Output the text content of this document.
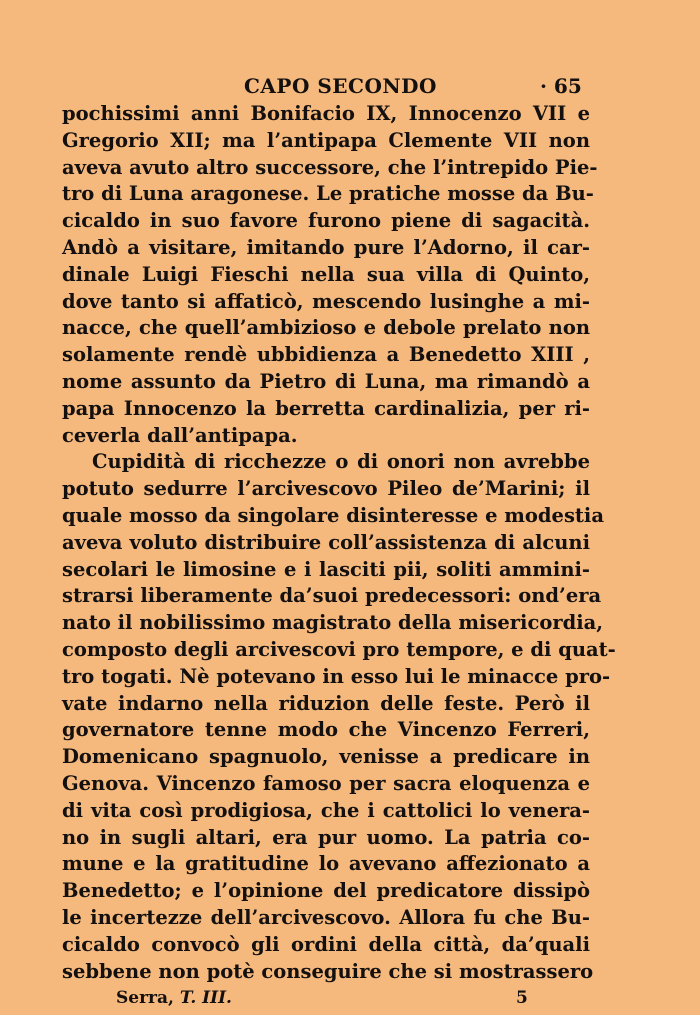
CAPO SECONDO	· 65
pochissimi anni Bonifacio IX, Innocenzo VII e
Gregorio XII; ma l’antipapa Clemente VII non
aveva avuto altro successore, che l’intrepido Pie-
tro di Luna aragonese. Le pratiche mosse da Bu-
cicaldo in suo favore furono piene di sagacità.
Andò a visitare, imitando pure l’Adorno, il car-
dinale Luigi Fieschi nella sua villa di Quinto,
dove tanto si affaticò, mescendo lusinghe a mi-
nacce, che quell’ambizioso e debole prelato non
solamente rendè ubbidienza a Benedetto XIII ,
nome assunto da Pietro di Luna, ma rimandò a
papa Innocenzo la berretta cardinalizia, per ri-
ceverla dall’antipapa.
Cupidità di ricchezze o di onori non avrebbe
potuto sedurre l’arcivescovo Pileo de’Marini; il
quale mosso da singolare disinteresse e modestia
aveva voluto distribuire coll’assistenza di alcuni
secolari le limosine e i lasciti pii, soliti ammini-
strarsi liberamente da’suoi predecessori: ond’era
nato il nobilissimo magistrato della misericordia,
composto degli arcivescovi pro tempore, e di quat-
tro togati. Nè potevano in esso lui le minacce pro-
vate indarno nella riduzion delle feste. Però il
governatore tenne modo che Vincenzo Ferreri,
Domenicano spagnuolo, venisse a predicare in
Genova. Vincenzo famoso per sacra eloquenza e
di vita così prodigiosa, che i cattolici lo venera-
no in sugli altari, era pur uomo. La patria co-
mune e la gratitudine lo avevano affezionato a
Benedetto; e l’opinione del predicatore dissipò
le incertezze dell’arcivescovo. Allora fu che Bu-
cicaldo convocò gli ordini della città, da’quali
sebbene non potè conseguire che si mostrassero
Serra, T. III.	5
